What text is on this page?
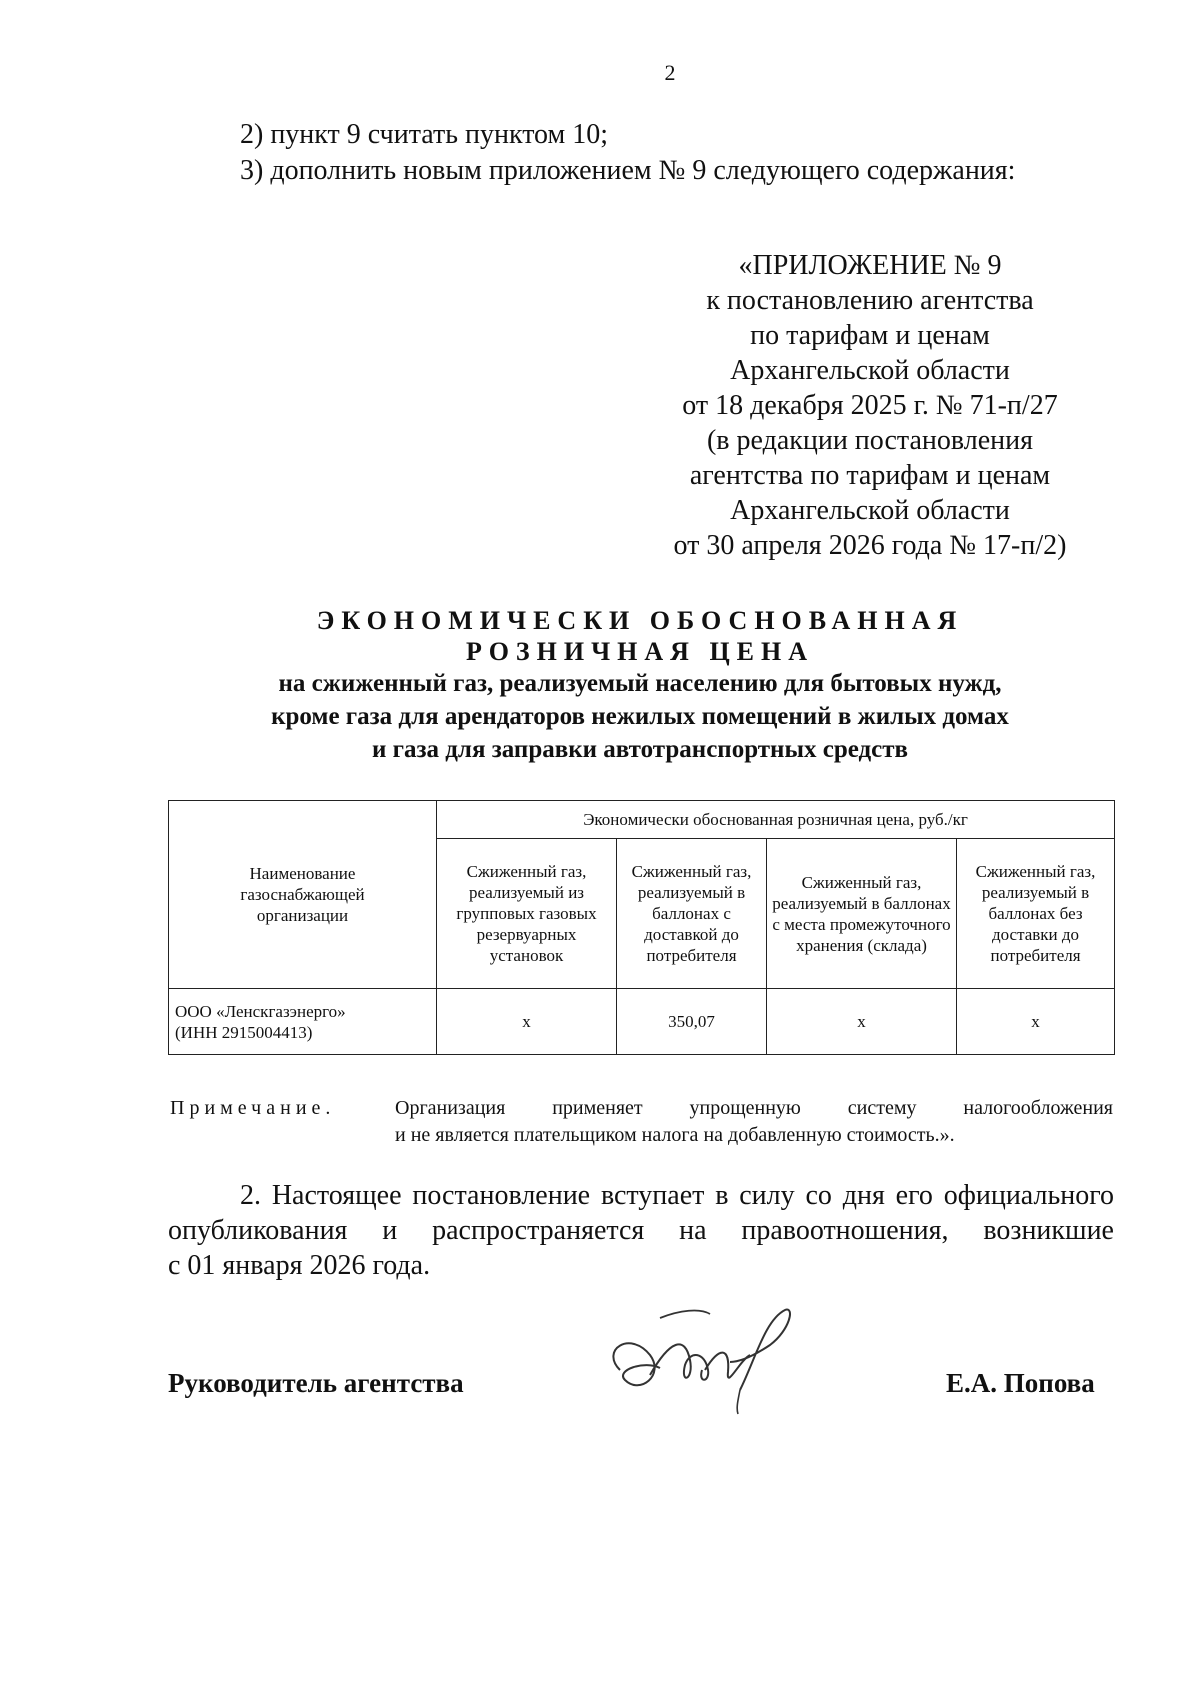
2
2) пункт 9 считать пунктом 10;
3) дополнить новым приложением № 9 следующего содержания:
«ПРИЛОЖЕНИЕ № 9
к постановлению агентства
по тарифам и ценам
Архангельской области
от 18 декабря 2025 г. № 71-п/27
(в редакции постановления
агентства по тарифам и ценам
Архангельской области
от 30 апреля 2026 года № 17-п/2)
ЭКОНОМИЧЕСКИ ОБОСНОВАННАЯ
РОЗНИЧНАЯ ЦЕНА
на сжиженный газ, реализуемый населению для бытовых нужд,
кроме газа для арендаторов нежилых помещений в жилых домах
и газа для заправки автотранспортных средств
Наименование газоснабжающей организации	Экономически обоснованная розничная цена, руб./кг			
	Сжиженный газ, реализуемый из групповых газовых резервуарных установок	Сжиженный газ, реализуемый в баллонах с доставкой до потребителя	Сжиженный газ, реализуемый в баллонах с места промежуточного хранения (склада)	Сжиженный газ, реализуемый в баллонах без доставки до потребителя

ООО «Ленскгазэнерго»
(ИНН 2915004413)	х	350,07	х	х
Примечание.	Организация применяет упрощенную систему налогообложения
и не является плательщиком налога на добавленную стоимость.».
2. Настоящее постановление вступает в силу со дня его официального
опубликования и распространяется на правоотношения, возникшие
с 01 января 2026 года.
Руководитель агентства	Е.А. Попова
